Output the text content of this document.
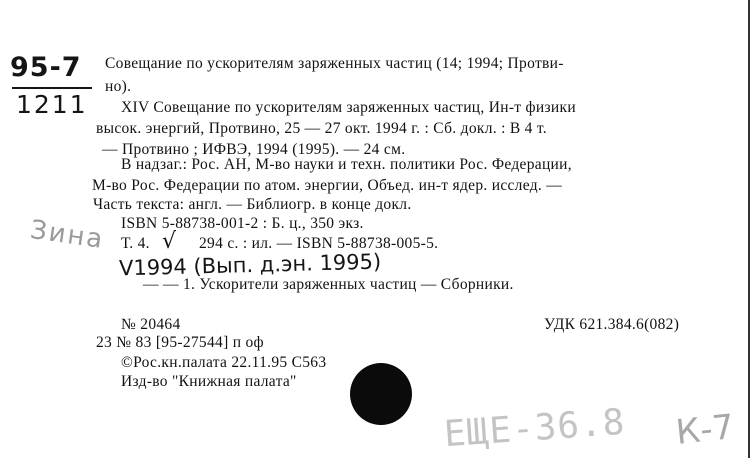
95-7
1211
Совещание по ускорителям заряженных частиц (14; 1994; Протви-
но).
XIV Совещание по ускорителям заряженных частиц, Ин-т физики
высок. энергий, Протвино, 25 — 27 окт. 1994 г. : Сб. докл. : В 4 т.
— Протвино ; ИФВЭ, 1994 (1995). — 24 см.
В надзаг.: Рос. АН, М-во науки и техн. политики Рос. Федерации,
М-во Рос. Федерации по атом. энергии, Объед. ин-т ядер. исслед. —
Часть текста: англ. — Библиогр. в конце докл.
ISBN 5-88738-001-2 : Б. ц., 350 экз.
Т. 4. √ 294 с. : ил. — ISBN 5-88738-005-5.
V1994 (Вып. д.эн. 1995)
Зина
— — 1. Ускорители заряженных частиц — Сборники.
№ 20464	УДК 621.384.6(082)
23 № 83 [95-27544] п оф
©Рос.кн.палата 22.11.95 С563
Изд-во "Книжная палата"
ЕЩЕ-36.8 К-7
